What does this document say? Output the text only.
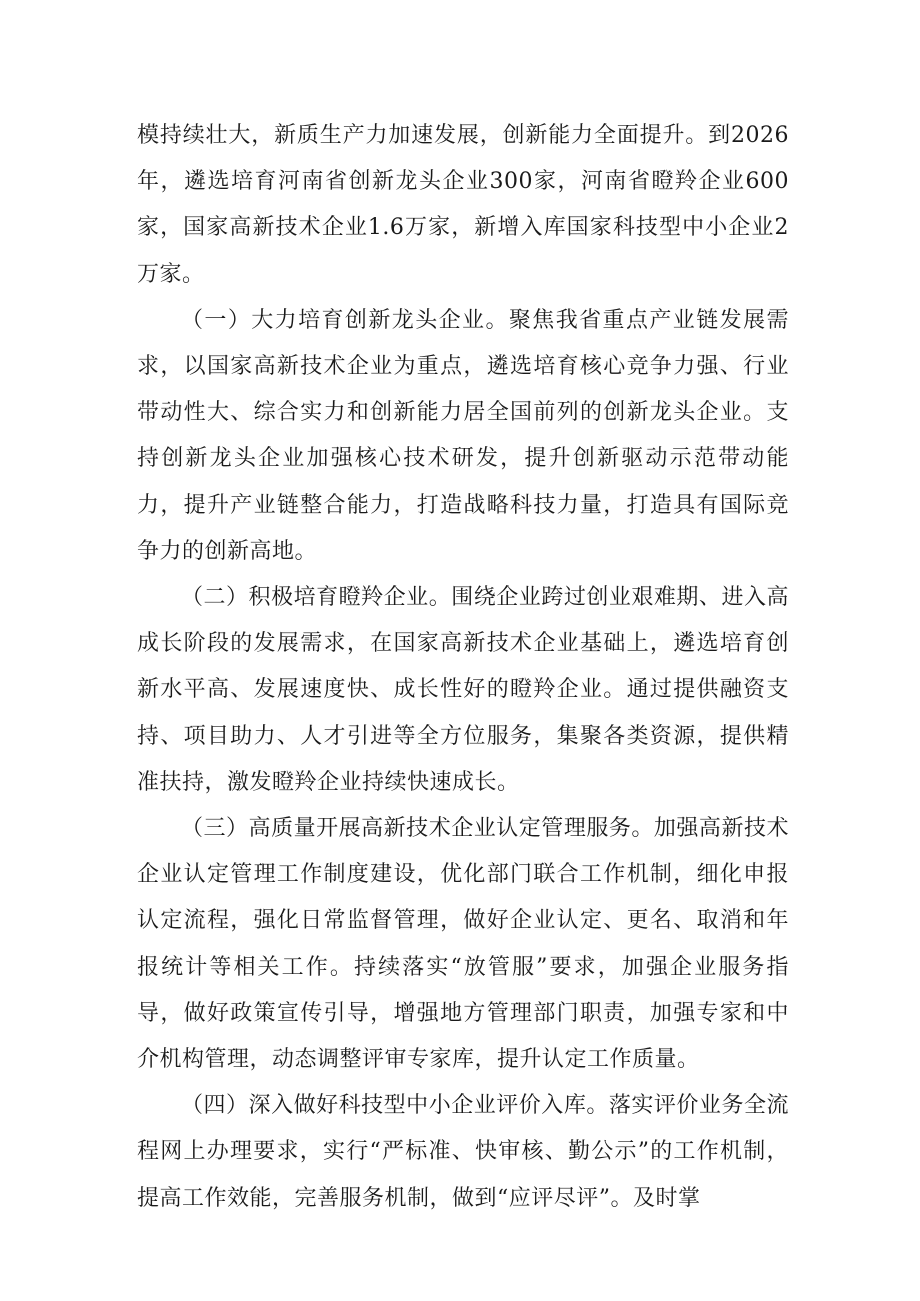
模持续壮大，新质生产力加速发展，创新能力全面提升。到2026年，遴选培育河南省创新龙头企业300家，河南省瞪羚企业600家，国家高新技术企业1.6万家，新增入库国家科技型中小企业2万家。

（一）大力培育创新龙头企业。聚焦我省重点产业链发展需求，以国家高新技术企业为重点，遴选培育核心竞争力强、行业带动性大、综合实力和创新能力居全国前列的创新龙头企业。支持创新龙头企业加强核心技术研发，提升创新驱动示范带动能力，提升产业链整合能力，打造战略科技力量，打造具有国际竞争力的创新高地。

（二）积极培育瞪羚企业。围绕企业跨过创业艰难期、进入高成长阶段的发展需求，在国家高新技术企业基础上，遴选培育创新水平高、发展速度快、成长性好的瞪羚企业。通过提供融资支持、项目助力、人才引进等全方位服务，集聚各类资源，提供精准扶持，激发瞪羚企业持续快速成长。

（三）高质量开展高新技术企业认定管理服务。加强高新技术企业认定管理工作制度建设，优化部门联合工作机制，细化申报认定流程，强化日常监督管理，做好企业认定、更名、取消和年报统计等相关工作。持续落实“放管服”要求，加强企业服务指导，做好政策宣传引导，增强地方管理部门职责，加强专家和中介机构管理，动态调整评审专家库，提升认定工作质量。

（四）深入做好科技型中小企业评价入库。落实评价业务全流程网上办理要求，实行“严标准、快审核、勤公示”的工作机制，提高工作效能，完善服务机制，做到“应评尽评”。及时掌
